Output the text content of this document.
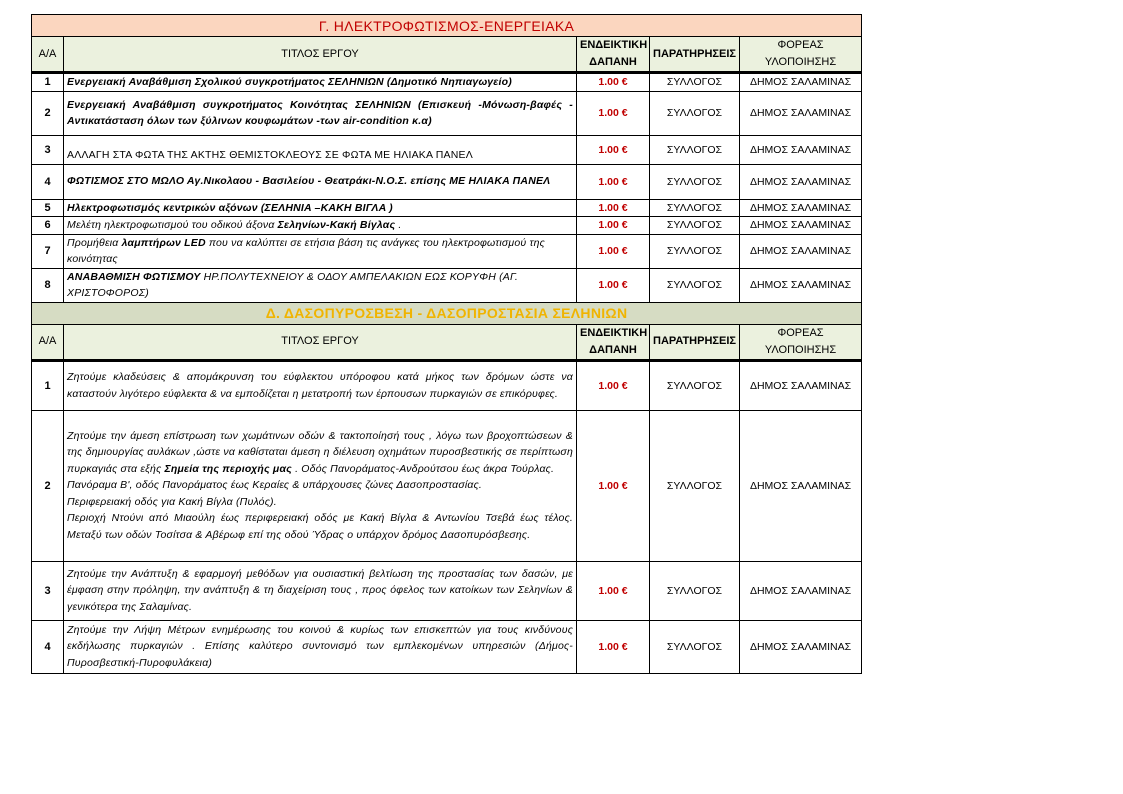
Γ. ΗΛΕΚΤΡΟΦΩΤΙΣΜΟΣ-ΕΝΕΡΓΕΙΑΚΑ				
Α/Α	ΤΙΤΛΟΣ ΕΡΓΟΥ	ΕΝΔΕΙΚΤΙΚΗ ΔΑΠΑΝΗ	ΠΑΡΑΤΗΡΗΣΕΙΣ	ΦΟΡΕΑΣ ΥΛΟΠΟΙΗΣΗΣ
1	Ενεργειακή Αναβάθμιση Σχολικού συγκροτήματος ΣΕΛΗΝΙΩΝ (Δημοτικό Νηπιαγωγείο)	1.00 €	ΣΥΛΛΟΓΟΣ	ΔΗΜΟΣ ΣΑΛΑΜΙΝΑΣ
2	Ενεργειακή Αναβάθμιση συγκροτήματος Κοινότητας ΣΕΛΗΝΙΩΝ (Επισκευή -Μόνωση-βαφές - Αντικατάσταση όλων των ξύλινων κουφωμάτων -των air-condition κ.α)	1.00 €	ΣΥΛΛΟΓΟΣ	ΔΗΜΟΣ ΣΑΛΑΜΙΝΑΣ
3	ΑΛΛΑΓΗ ΣΤΑ ΦΩΤΑ ΤΗΣ ΑΚΤΗΣ ΘΕΜΙΣΤΟΚΛΕΟΥΣ ΣΕ ΦΩΤΑ ΜΕ ΗΛΙΑΚΑ ΠΑΝΕΛ	1.00 €	ΣΥΛΛΟΓΟΣ	ΔΗΜΟΣ ΣΑΛΑΜΙΝΑΣ
4	ΦΩΤΙΣΜΟΣ ΣΤΟ ΜΩΛΟ Αγ.Νικολαου - Βασιλείου - Θεατράκι-Ν.Ο.Σ. επίσης ΜΕ ΗΛΙΑΚΑ ΠΑΝΕΛ	1.00 €	ΣΥΛΛΟΓΟΣ	ΔΗΜΟΣ ΣΑΛΑΜΙΝΑΣ
5	Ηλεκτροφωτισμός κεντρικών αξόνων (ΣΕΛΗΝΙΑ –ΚΑΚΗ ΒΙΓΛΑ )	1.00 €	ΣΥΛΛΟΓΟΣ	ΔΗΜΟΣ ΣΑΛΑΜΙΝΑΣ
6	Μελέτη ηλεκτροφωτισμού του οδικού άξονα Σεληνίων-Κακή Βίγλας .	1.00 €	ΣΥΛΛΟΓΟΣ	ΔΗΜΟΣ ΣΑΛΑΜΙΝΑΣ
7	Προμήθεια λαμπτήρων LED που να καλύπτει σε ετήσια βάση τις ανάγκες του ηλεκτροφωτισμού της κοινότητας	1.00 €	ΣΥΛΛΟΓΟΣ	ΔΗΜΟΣ ΣΑΛΑΜΙΝΑΣ
8	ΑΝΑΒΑΘΜΙΣΗ ΦΩΤΙΣΜΟΥ ΗΡ.ΠΟΛΥΤΕΧΝΕΙΟΥ & ΟΔΟΥ ΑΜΠΕΛΑΚΙΩΝ ΕΩΣ ΚΟΡΥΦΗ (ΑΓ. ΧΡΙΣΤΟΦΟΡΟΣ)	1.00 €	ΣΥΛΛΟΓΟΣ	ΔΗΜΟΣ ΣΑΛΑΜΙΝΑΣ
Δ. ΔΑΣΟΠΥΡΟΣΒΕΣΗ - ΔΑΣΟΠΡΟΣΤΑΣΙΑ ΣΕΛΗΝΙΩΝ				
Α/Α	ΤΙΤΛΟΣ ΕΡΓΟΥ	ΕΝΔΕΙΚΤΙΚΗ ΔΑΠΑΝΗ	ΠΑΡΑΤΗΡΗΣΕΙΣ	ΦΟΡΕΑΣ ΥΛΟΠΟΙΗΣΗΣ
1	Ζητούμε κλαδεύσεις & απομάκρυνση του εύφλεκτου υπόροφου κατά μήκος των δρόμων ώστε να καταστούν λιγότερο εύφλεκτα & να εμποδίζεται η μετατροπή των έρπουσων πυρκαγιών σε επικόρυφες.	1.00 €	ΣΥΛΛΟΓΟΣ	ΔΗΜΟΣ ΣΑΛΑΜΙΝΑΣ
2	Ζητούμε την άμεση επίστρωση των χωμάτινων οδών & τακτοποίησή τους , λόγω των βροχοπτώσεων & της δημιουργίας αυλάκων ,ώστε να καθίσταται άμεση η διέλευση οχημάτων πυροσβεστικής σε περίπτωση πυρκαγιάς στα εξής Σημεία της περιοχής μας . Οδός Πανοράματος-Ανδρούτσου έως άκρα Τούρλας.
Πανόραμα Β', οδός Πανοράματος έως Κεραίες & υπάρχουσες ζώνες Δασοπροστασίας.
Περιφερειακή οδός για Κακή Βίγλα (Πυλός).
Περιοχή Ντούνι από Μιαούλη έως περιφερειακή οδός με Κακή Βίγλα & Αντωνίου Τσεβά έως τέλος. Μεταξύ των οδών Τοσίτσα & Αβέρωφ επί της οδού Ύδρας ο υπάρχον δρόμος Δασοπυρόσβεσης.	1.00 €	ΣΥΛΛΟΓΟΣ	ΔΗΜΟΣ ΣΑΛΑΜΙΝΑΣ
3	Ζητούμε την Ανάπτυξη & εφαρμογή μεθόδων για ουσιαστική βελτίωση της προστασίας των δασών, με έμφαση στην πρόληψη, την ανάπτυξη & τη διαχείριση τους , προς όφελος των κατοίκων των Σεληνίων & γενικότερα της Σαλαμίνας.	1.00 €	ΣΥΛΛΟΓΟΣ	ΔΗΜΟΣ ΣΑΛΑΜΙΝΑΣ
4	Ζητούμε την Λήψη Μέτρων ενημέρωσης του κοινού & κυρίως των επισκεπτών για τους κινδύνους εκδήλωσης πυρκαγιών . Επίσης καλύτερο συντονισμό των εμπλεκομένων υπηρεσιών (Δήμος-Πυροσβεστική-Πυροφυλάκεια)	1.00 €	ΣΥΛΛΟΓΟΣ	ΔΗΜΟΣ ΣΑΛΑΜΙΝΑΣ
